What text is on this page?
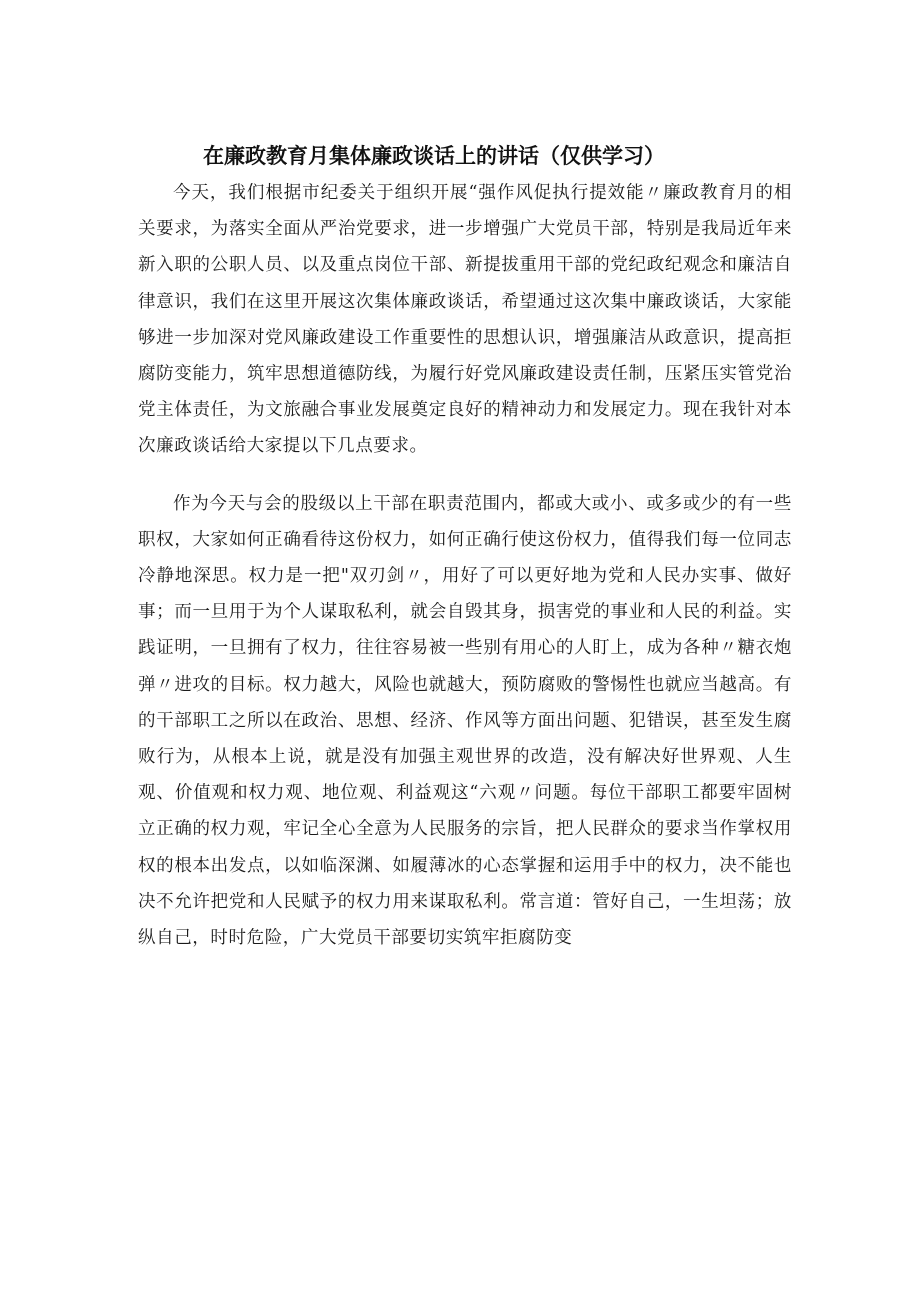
在廉政教育月集体廉政谈话上的讲话（仅供学习）

今天，我们根据市纪委关于组织开展“强作风促执行提效能〃廉政教育月的相关要求，为落实全面从严治党要求，进一步增强广大党员干部，特别是我局近年来新入职的公职人员、以及重点岗位干部、新提拔重用干部的党纪政纪观念和廉洁自律意识，我们在这里开展这次集体廉政谈话，希望通过这次集中廉政谈话，大家能够进一步加深对党风廉政建设工作重要性的思想认识，增强廉洁从政意识，提高拒腐防变能力，筑牢思想道德防线，为履行好党风廉政建设责任制，压紧压实管党治党主体责任，为文旅融合事业发展奠定良好的精神动力和发展定力。现在我针对本次廉政谈话给大家提以下几点要求。

作为今天与会的股级以上干部在职责范围内，都或大或小、或多或少的有一些职权，大家如何正确看待这份权力，如何正确行使这份权力，值得我们每一位同志冷静地深思。权力是一把"双刃剑〃，用好了可以更好地为党和人民办实事、做好事；而一旦用于为个人谋取私利，就会自毁其身，损害党的事业和人民的利益。实践证明，一旦拥有了权力，往往容易被一些别有用心的人盯上，成为各种〃糖衣炮弹〃进攻的目标。权力越大，风险也就越大，预防腐败的警惕性也就应当越高。有的干部职工之所以在政治、思想、经济、作风等方面出问题、犯错误，甚至发生腐败行为，从根本上说，就是没有加强主观世界的改造，没有解决好世界观、人生观、价值观和权力观、地位观、利益观这“六观〃问题。每位干部职工都要牢固树立正确的权力观，牢记全心全意为人民服务的宗旨，把人民群众的要求当作掌权用权的根本出发点，以如临深渊、如履薄冰的心态掌握和运用手中的权力，决不能也决不允许把党和人民赋予的权力用来谋取私利。常言道：管好自己，一生坦荡；放纵自己，时时危险，广大党员干部要切实筑牢拒腐防变
